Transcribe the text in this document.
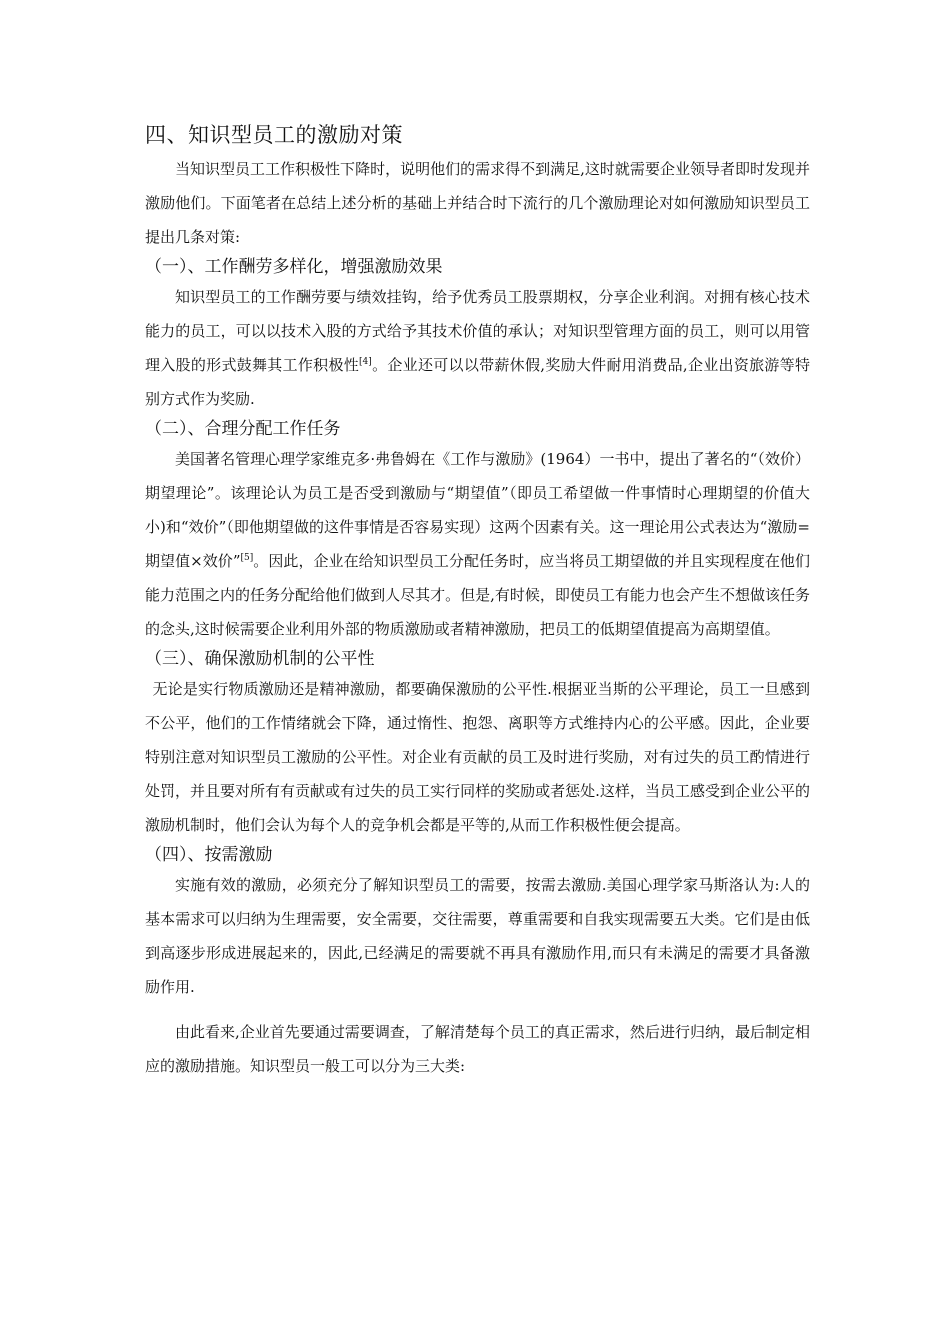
四、知识型员工的激励对策

当知识型员工工作积极性下降时，说明他们的需求得不到满足,这时就需要企业领导者即时发现并激励他们。下面笔者在总结上述分析的基础上并结合时下流行的几个激励理论对如何激励知识型员工提出几条对策:

（一）、工作酬劳多样化，增强激励效果

知识型员工的工作酬劳要与绩效挂钩，给予优秀员工股票期权，分享企业利润。对拥有核心技术能力的员工，可以以技术入股的方式给予其技术价值的承认；对知识型管理方面的员工，则可以用管理入股的形式鼓舞其工作积极性[4]。企业还可以以带薪休假,奖励大件耐用消费品,企业出资旅游等特别方式作为奖励.

（二）、合理分配工作任务

美国著名管理心理学家维克多·弗鲁姆在《工作与激励》(1964）一书中，提出了著名的“（效价）期望理论”。该理论认为员工是否受到激励与“期望值”（即员工希望做一件事情时心理期望的价值大小)和“效价”（即他期望做的这件事情是否容易实现）这两个因素有关。这一理论用公式表达为“激励=期望值×效价”[5]。因此，企业在给知识型员工分配任务时，应当将员工期望做的并且实现程度在他们能力范围之内的任务分配给他们做到人尽其才。但是,有时候，即使员工有能力也会产生不想做该任务的念头,这时候需要企业利用外部的物质激励或者精神激励，把员工的低期望值提高为高期望值。

（三）、确保激励机制的公平性

无论是实行物质激励还是精神激励，都要确保激励的公平性.根据亚当斯的公平理论，员工一旦感到不公平，他们的工作情绪就会下降，通过惰性、抱怨、离职等方式维持内心的公平感。因此，企业要特别注意对知识型员工激励的公平性。对企业有贡献的员工及时进行奖励，对有过失的员工酌情进行处罚，并且要对所有有贡献或有过失的员工实行同样的奖励或者惩处.这样，当员工感受到企业公平的激励机制时，他们会认为每个人的竞争机会都是平等的,从而工作积极性便会提高。

（四）、按需激励

实施有效的激励，必须充分了解知识型员工的需要，按需去激励.美国心理学家马斯洛认为:人的基本需求可以归纳为生理需要，安全需要，交往需要，尊重需要和自我实现需要五大类。它们是由低到高逐步形成进展起来的，因此,已经满足的需要就不再具有激励作用,而只有未满足的需要才具备激励作用.

由此看来,企业首先要通过需要调查，了解清楚每个员工的真正需求，然后进行归纳，最后制定相应的激励措施。知识型员一般工可以分为三大类:
